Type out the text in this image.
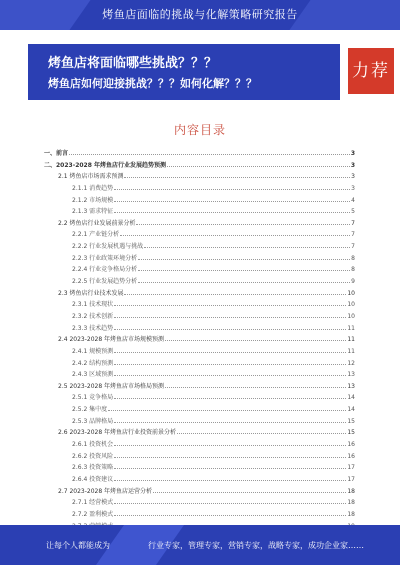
烤鱼店面临的挑战与化解策略研究报告
烤鱼店将面临哪些挑战？？？
烤鱼店如何迎接挑战？？？如何化解？？？
力荐
内容目录
一、前言	3
二、2023-2028 年烤鱼店行业发展趋势预测	3
2.1 烤鱼店市场需求预测	3
2.1.1 消费趋势	3
2.1.2 市场规模	4
2.1.3 需求特征	5
2.2 烤鱼店行业发展前景分析	7
2.2.1 产业链分析	7
2.2.2 行业发展机遇与挑战	7
2.2.3 行业政策环境分析	8
2.2.4 行业竞争格局分析	8
2.2.5 行业发展趋势分析	9
2.3 烤鱼店行业技术发展	10
2.3.1 技术现状	10
2.3.2 技术创新	10
2.3.3 技术趋势	11
2.4 2023-2028 年烤鱼店市场规模预测	11
2.4.1 规模预测	11
2.4.2 结构预测	12
2.4.3 区域预测	13
2.5 2023-2028 年烤鱼店市场格局预测	13
2.5.1 竞争格局	14
2.5.2 集中度	14
2.5.3 品牌格局	15
2.6 2023-2028 年烤鱼店行业投资前景分析	15
2.6.1 投资机会	16
2.6.2 投资风险	16
2.6.3 投资策略	17
2.6.4 投资建议	17
2.7 2023-2028 年烤鱼店运营分析	18
2.7.1 经营模式	18
2.7.2 盈利模式	18
让每个人都能成为	行业专家，管理专家，营销专家，战略专家，成功企业家……
